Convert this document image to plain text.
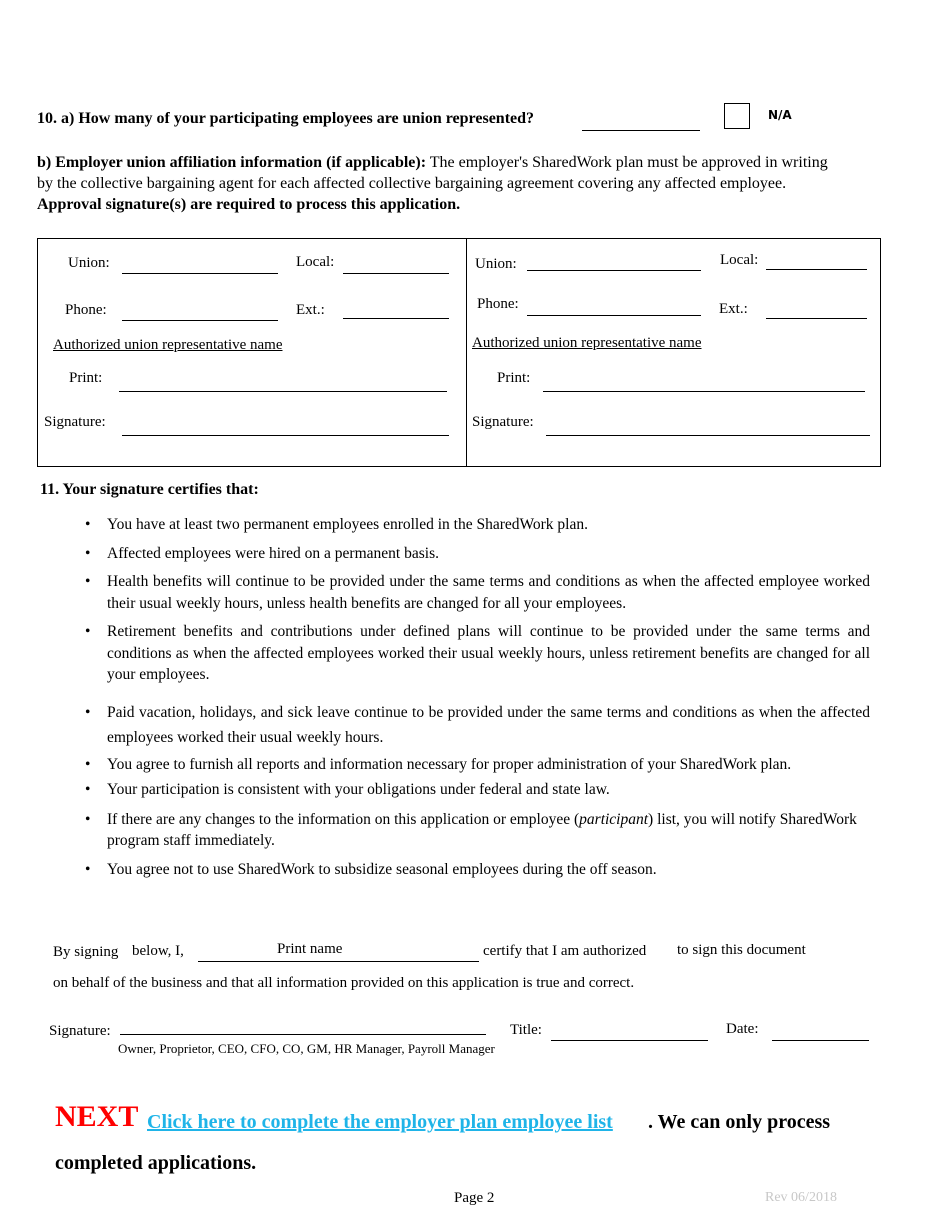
10. a) How many of your participating employees are union represented?	N/A
b) Employer union affiliation information (if applicable): The employer's SharedWork plan must be approved in writing by the collective bargaining agent for each affected collective bargaining agreement covering any affected employee. Approval signature(s) are required to process this application.
Union:	Local:
Phone:	Ext.:
Authorized union representative name
Print:
Signature:
Union:	Local:
Phone:	Ext.:
Authorized union representative name
Print:
Signature:
11. Your signature certifies that:
• You have at least two permanent employees enrolled in the SharedWork plan.
• Affected employees were hired on a permanent basis.
• Health benefits will continue to be provided under the same terms and conditions as when the affected employee worked their usual weekly hours, unless health benefits are changed for all your employees.
• Retirement benefits and contributions under defined plans will continue to be provided under the same terms and conditions as when the affected employees worked their usual weekly hours, unless retirement benefits are changed for all your employees.
• Paid vacation, holidays, and sick leave continue to be provided under the same terms and conditions as when the affected employees worked their usual weekly hours.
• You agree to furnish all reports and information necessary for proper administration of your SharedWork plan.
• Your participation is consistent with your obligations under federal and state law.
• If there are any changes to the information on this application or employee (participant) list, you will notify SharedWork program staff immediately.
• You agree not to use SharedWork to subsidize seasonal employees during the off season.
By signing below, I,	Print name	certify that I am authorized to sign this document
on behalf of the business and that all information provided on this application is true and correct.
Signature:
Owner, Proprietor, CEO, CFO, CO, GM, HR Manager, Payroll Manager
Title:	Date:
NEXT Click here to complete the employer plan employee list . We can only process
completed applications.
Page 2	Rev 06/2018
